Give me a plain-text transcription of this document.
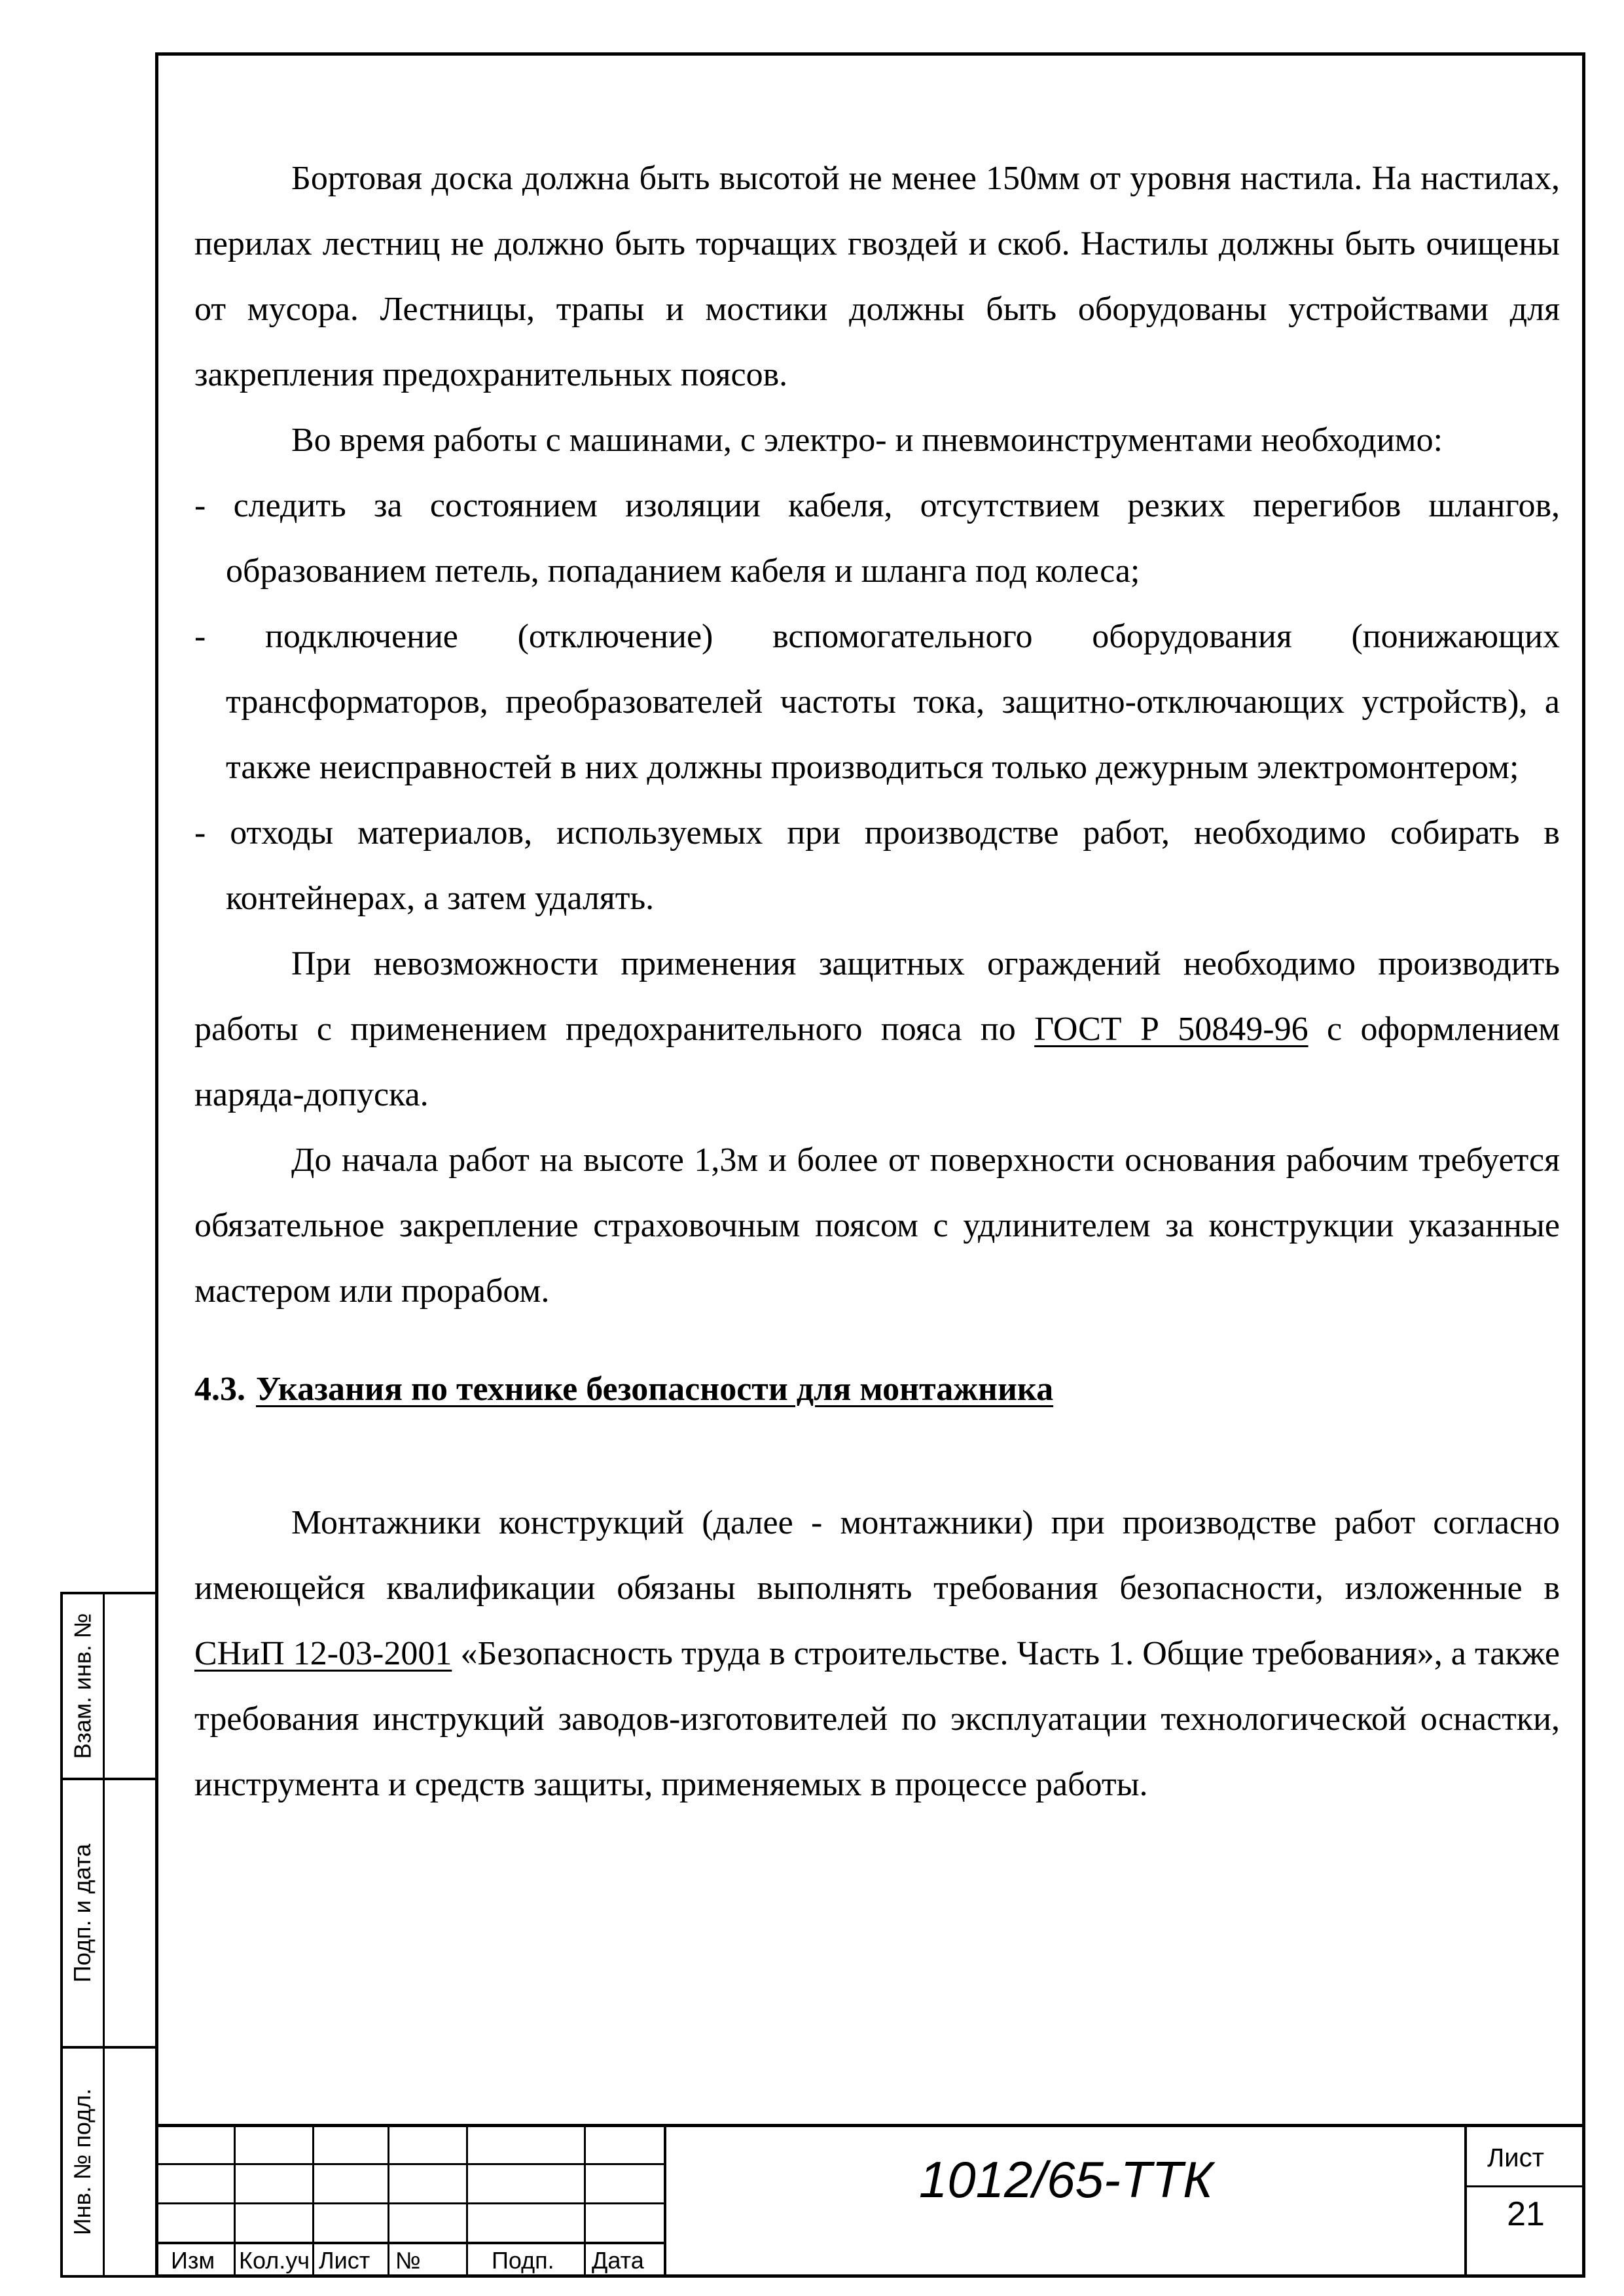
Бортовая доска должна быть высотой не менее 150мм от уровня настила. На настилах, перилах лестниц не должно быть торчащих гвоздей и скоб. Настилы должны быть очищены от мусора. Лестницы, трапы и мостики должны быть оборудованы устройствами для закрепления предохранительных поясов.

Во время работы с машинами, с электро- и пневмоинструментами необходимо:

- следить за состоянием изоляции кабеля, отсутствием резких перегибов шлангов, образованием петель, попаданием кабеля и шланга под колеса;

- подключение (отключение) вспомогательного оборудования (понижающих трансформаторов, преобразователей частоты тока, защитно-отключающих устройств), а также неисправностей в них должны производиться только дежурным электромонтером;

- отходы материалов, используемых при производстве работ, необходимо собирать в контейнерах, а затем удалять.

При невозможности применения защитных ограждений необходимо производить работы с применением предохранительного пояса по ГОСТ Р 50849-96 с оформлением наряда-допуска.

До начала работ на высоте 1,3м и более от поверхности основания рабочим требуется обязательное закрепление страховочным поясом с удлинителем за конструкции указанные мастером или прорабом.

4.3. Указания по технике безопасности для монтажника

Монтажники конструкций (далее - монтажники) при производстве работ согласно имеющейся квалификации обязаны выполнять требования безопасности, изложенные в СНиП 12-03-2001 «Безопасность труда в строительстве. Часть 1. Общие требования», а также требования инструкций заводов-изготовителей по эксплуатации технологической оснастки, инструмента и средств защиты, применяемых в процессе работы.

Взам. инв. №
Подп. и дата
Инв. № подл.
Изм Кол.уч Лист №	Подп. Дата
1012/65-ТТК	Лист
21
